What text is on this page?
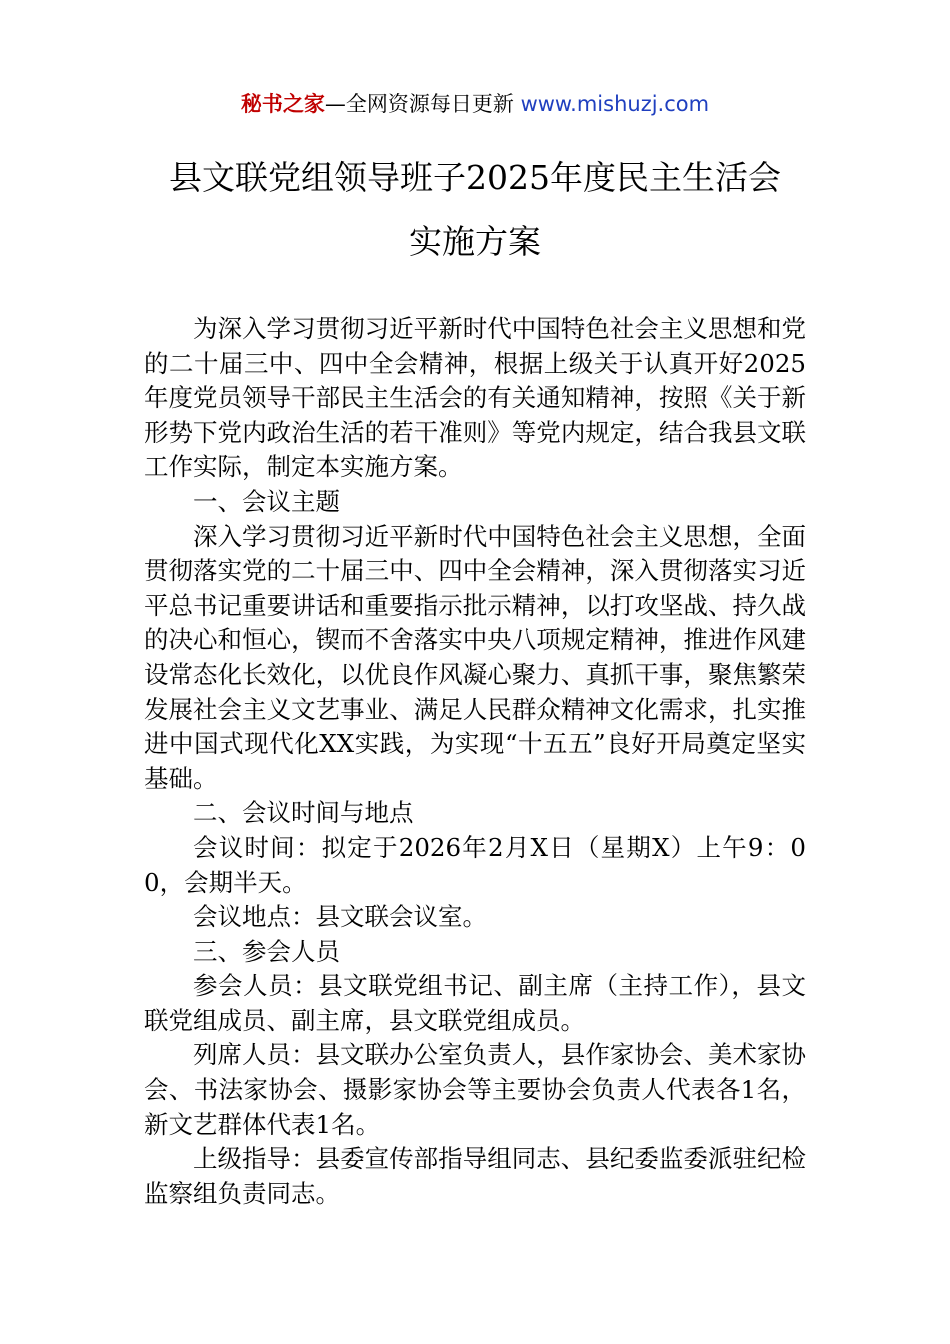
秘书之家—全网资源每日更新 www.mishuzj.com
县文联党组领导班子2025年度民主生活会
实施方案

为深入学习贯彻习近平新时代中国特色社会主义思想和党的二十届三中、四中全会精神，根据上级关于认真开好2025年度党员领导干部民主生活会的有关通知精神，按照《关于新形势下党内政治生活的若干准则》等党内规定，结合我县文联工作实际，制定本实施方案。

一、会议主题

深入学习贯彻习近平新时代中国特色社会主义思想，全面贯彻落实党的二十届三中、四中全会精神，深入贯彻落实习近平总书记重要讲话和重要指示批示精神，以打攻坚战、持久战的决心和恒心，锲而不舍落实中央八项规定精神，推进作风建设常态化长效化，以优良作风凝心聚力、真抓干事，聚焦繁荣发展社会主义文艺事业、满足人民群众精神文化需求，扎实推进中国式现代化XX实践，为实现“十五五”良好开局奠定坚实基础。

二、会议时间与地点

会议时间：拟定于2026年2月X日（星期X）上午9：00，会期半天。

会议地点：县文联会议室。

三、参会人员

参会人员：县文联党组书记、副主席（主持工作），县文联党组成员、副主席，县文联党组成员。

列席人员：县文联办公室负责人，县作家协会、美术家协会、书法家协会、摄影家协会等主要协会负责人代表各1名，新文艺群体代表1名。

上级指导：县委宣传部指导组同志、县纪委监委派驻纪检监察组负责同志。
